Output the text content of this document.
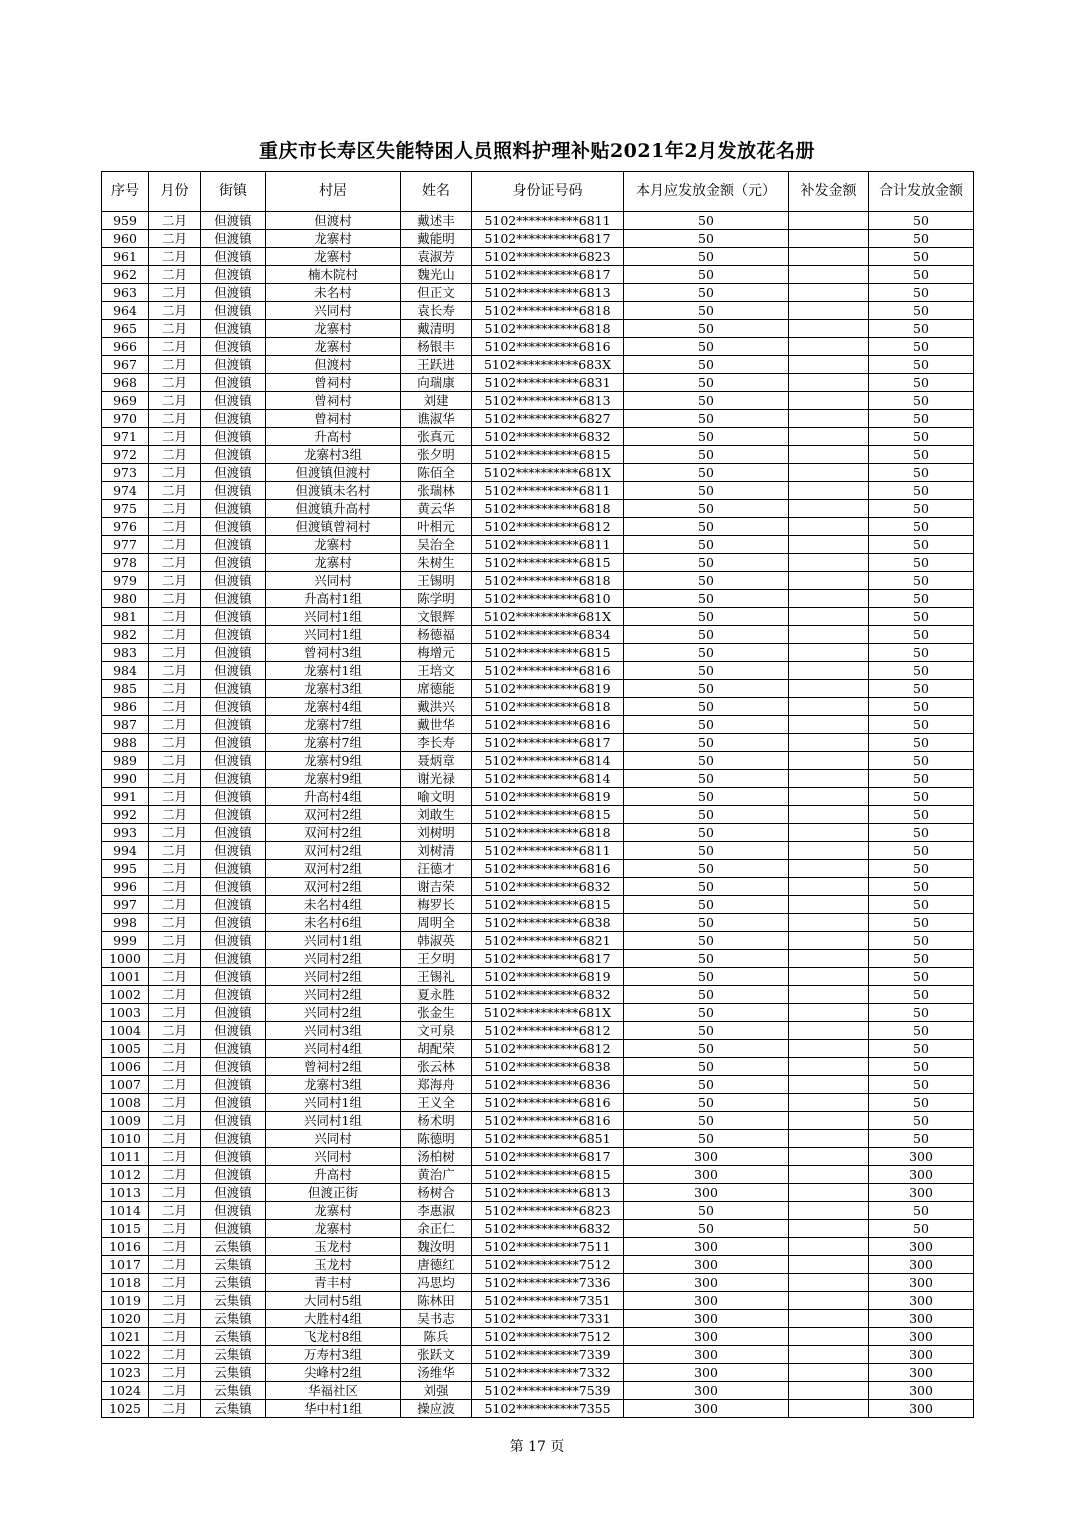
重庆市长寿区失能特困人员照料护理补贴2021年2月发放花名册
序号	月份	街镇	村居	姓名	身份证号码	本月应发放金额（元）	补发金额	合计发放金额
959	二月	但渡镇	但渡村	戴述丰	5102**********6811	50		50
960	二月	但渡镇	龙寨村	戴能明	5102**********6817	50		50
961	二月	但渡镇	龙寨村	袁淑芳	5102**********6823	50		50
962	二月	但渡镇	楠木院村	魏光山	5102**********6817	50		50
963	二月	但渡镇	未名村	但正文	5102**********6813	50		50
964	二月	但渡镇	兴同村	袁长寿	5102**********6818	50		50
965	二月	但渡镇	龙寨村	戴清明	5102**********6818	50		50
966	二月	但渡镇	龙寨村	杨银丰	5102**********6816	50		50
967	二月	但渡镇	但渡村	王跃进	5102**********683X	50		50
968	二月	但渡镇	曾祠村	向瑞康	5102**********6831	50		50
969	二月	但渡镇	曾祠村	刘建	5102**********6813	50		50
970	二月	但渡镇	曾祠村	谯淑华	5102**********6827	50		50
971	二月	但渡镇	升高村	张真元	5102**********6832	50		50
972	二月	但渡镇	龙寨村3组	张夕明	5102**********6815	50		50
973	二月	但渡镇	但渡镇但渡村	陈佰全	5102**********681X	50		50
974	二月	但渡镇	但渡镇未名村	张瑞林	5102**********6811	50		50
975	二月	但渡镇	但渡镇升高村	黄云华	5102**********6818	50		50
976	二月	但渡镇	但渡镇曾祠村	叶相元	5102**********6812	50		50
977	二月	但渡镇	龙寨村	吴治全	5102**********6811	50		50
978	二月	但渡镇	龙寨村	朱树生	5102**********6815	50		50
979	二月	但渡镇	兴同村	王锡明	5102**********6818	50		50
980	二月	但渡镇	升高村1组	陈学明	5102**********6810	50		50
981	二月	但渡镇	兴同村1组	文银辉	5102**********681X	50		50
982	二月	但渡镇	兴同村1组	杨德福	5102**********6834	50		50
983	二月	但渡镇	曾祠村3组	梅增元	5102**********6815	50		50
984	二月	但渡镇	龙寨村1组	王培文	5102**********6816	50		50
985	二月	但渡镇	龙寨村3组	席德能	5102**********6819	50		50
986	二月	但渡镇	龙寨村4组	戴洪兴	5102**********6818	50		50
987	二月	但渡镇	龙寨村7组	戴世华	5102**********6816	50		50
988	二月	但渡镇	龙寨村7组	李长寿	5102**********6817	50		50
989	二月	但渡镇	龙寨村9组	聂炳章	5102**********6814	50		50
990	二月	但渡镇	龙寨村9组	谢光禄	5102**********6814	50		50
991	二月	但渡镇	升高村4组	喻文明	5102**********6819	50		50
992	二月	但渡镇	双河村2组	刘敢生	5102**********6815	50		50
993	二月	但渡镇	双河村2组	刘树明	5102**********6818	50		50
994	二月	但渡镇	双河村2组	刘树清	5102**********6811	50		50
995	二月	但渡镇	双河村2组	汪德才	5102**********6816	50		50
996	二月	但渡镇	双河村2组	谢吉荣	5102**********6832	50		50
997	二月	但渡镇	未名村4组	梅罗长	5102**********6815	50		50
998	二月	但渡镇	未名村6组	周明全	5102**********6838	50		50
999	二月	但渡镇	兴同村1组	韩淑英	5102**********6821	50		50
1000	二月	但渡镇	兴同村2组	王夕明	5102**********6817	50		50
1001	二月	但渡镇	兴同村2组	王锡礼	5102**********6819	50		50
1002	二月	但渡镇	兴同村2组	夏永胜	5102**********6832	50		50
1003	二月	但渡镇	兴同村2组	张金生	5102**********681X	50		50
1004	二月	但渡镇	兴同村3组	文可泉	5102**********6812	50		50
1005	二月	但渡镇	兴同村4组	胡配荣	5102**********6812	50		50
1006	二月	但渡镇	曾祠村2组	张云林	5102**********6838	50		50
1007	二月	但渡镇	龙寨村3组	郑海舟	5102**********6836	50		50
1008	二月	但渡镇	兴同村1组	王义全	5102**********6816	50		50
1009	二月	但渡镇	兴同村1组	杨术明	5102**********6816	50		50
1010	二月	但渡镇	兴同村	陈德明	5102**********6851	50		50
1011	二月	但渡镇	兴同村	汤柏树	5102**********6817	300		300
1012	二月	但渡镇	升高村	黄治广	5102**********6815	300		300
1013	二月	但渡镇	但渡正街	杨树合	5102**********6813	300		300
1014	二月	但渡镇	龙寨村	李惠淑	5102**********6823	50		50
1015	二月	但渡镇	龙寨村	余正仁	5102**********6832	50		50
1016	二月	云集镇	玉龙村	魏汝明	5102**********7511	300		300
1017	二月	云集镇	玉龙村	唐德红	5102**********7512	300		300
1018	二月	云集镇	青丰村	冯思均	5102**********7336	300		300
1019	二月	云集镇	大同村5组	陈林田	5102**********7351	300		300
1020	二月	云集镇	大胜村4组	吴书志	5102**********7331	300		300
1021	二月	云集镇	飞龙村8组	陈兵	5102**********7512	300		300
1022	二月	云集镇	万寿村3组	张跃文	5102**********7339	300		300
1023	二月	云集镇	尖峰村2组	汤维华	5102**********7332	300		300
1024	二月	云集镇	华福社区	刘强	5102**********7539	300		300
1025	二月	云集镇	华中村1组	操应波	5102**********7355	300		300
第 17 页
